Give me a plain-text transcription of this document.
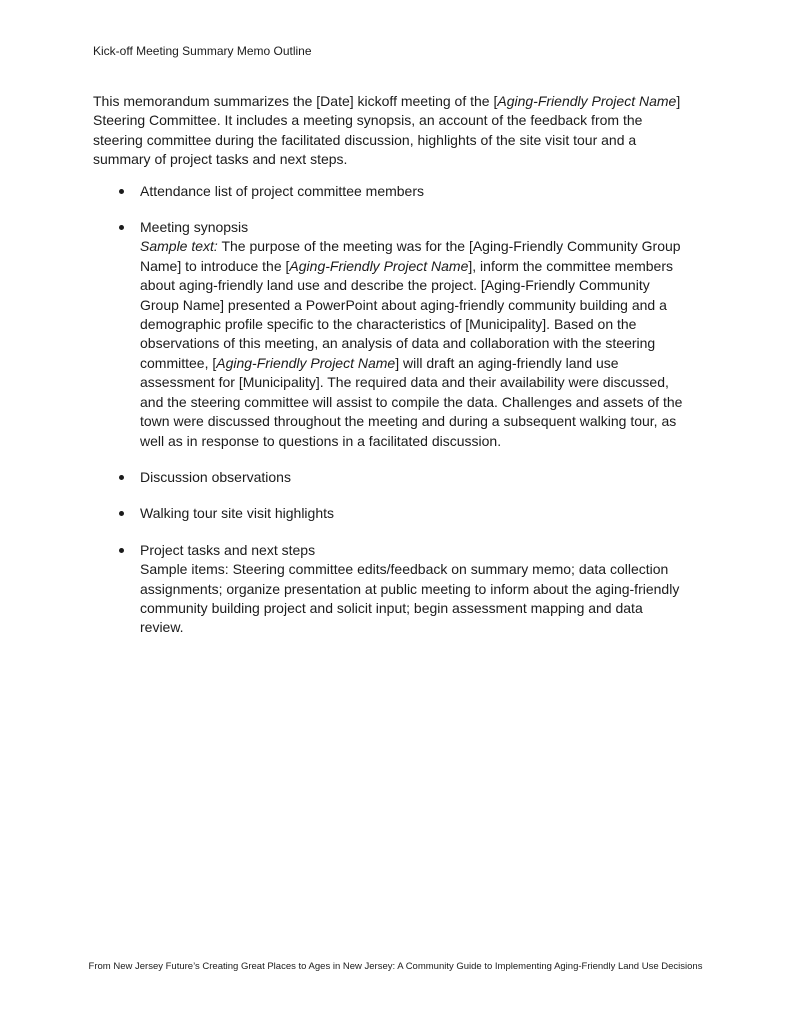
Kick-off Meeting Summary Memo Outline
This memorandum summarizes the [Date] kickoff meeting of the [Aging-Friendly Project Name]
Steering Committee. It includes a meeting synopsis, an account of the feedback from the
steering committee during the facilitated discussion, highlights of the site visit tour and a
summary of project tasks and next steps.
Attendance list of project committee members
Meeting synopsis
Sample text: The purpose of the meeting was for the [Aging-Friendly Community Group
Name] to introduce the [Aging-Friendly Project Name], inform the committee members
about aging-friendly land use and describe the project. [Aging-Friendly Community
Group Name] presented a PowerPoint about aging-friendly community building and a
demographic profile specific to the characteristics of [Municipality]. Based on the
observations of this meeting, an analysis of data and collaboration with the steering
committee, [Aging-Friendly Project Name] will draft an aging-friendly land use
assessment for [Municipality]. The required data and their availability were discussed,
and the steering committee will assist to compile the data. Challenges and assets of the
town were discussed throughout the meeting and during a subsequent walking tour, as
well as in response to questions in a facilitated discussion.
Discussion observations
Walking tour site visit highlights
Project tasks and next steps
Sample items: Steering committee edits/feedback on summary memo; data collection
assignments; organize presentation at public meeting to inform about the aging-friendly
community building project and solicit input; begin assessment mapping and data
review.
From New Jersey Future’s Creating Great Places to Ages in New Jersey: A Community Guide to Implementing Aging-Friendly Land Use Decisions
